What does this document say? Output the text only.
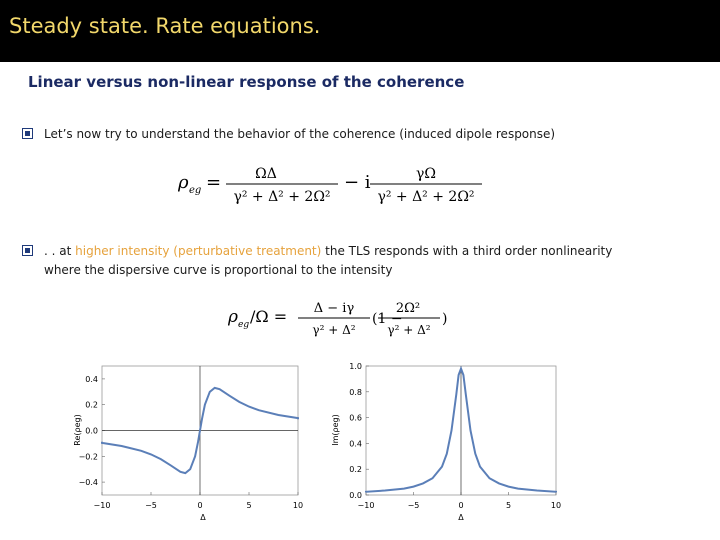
Steady state. Rate equations.
Linear versus non-linear response of the coherence
Let’s now try to understand the behavior of the coherence (induced dipole response)
ρ eg = ΩΔ
γ² + Δ² + 2Ω²
− i	γΩ
γ² + Δ² + 2Ω²
. . at higher intensity (perturbative treatment) the TLS responds with a third order nonlinearity
where the dispersive curve is proportional to the intensity
ρ eg /Ω = Δ − iγ
γ² + Δ²
(1 −
2Ω²
γ² + Δ²
)
−10	−5	0	5	10
0.4
0.2
0.0
−0.2
−0.4
Re(ρeg)
Δ
−10	−5	0	5	10
1.0
0.8
0.6
0.4
0.2
0.0
Im(ρeg)
Δ
